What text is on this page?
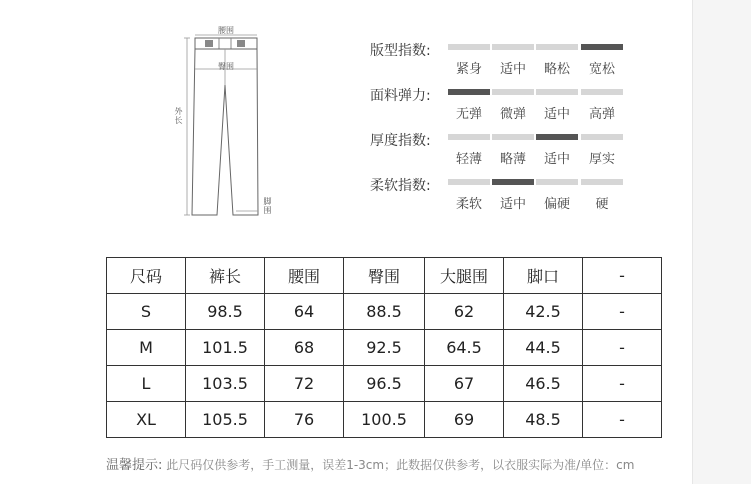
腰围
臀围
外长
脚围
版型指数:
紧身	适中	略松	宽松
面料弹力:
无弹	微弹	适中	高弹
厚度指数:
轻薄	略薄	适中	厚实
柔软指数:
柔软	适中	偏硬	硬
尺码	裤长	腰围	臀围	大腿围	脚口	-
S	98.5	64	88.5	62	42.5	-
M	101.5	68	92.5	64.5	44.5	-
L	103.5	72	96.5	67	46.5	-
XL	105.5	76	100.5	69	48.5	-
温馨提示: 此尺码仅供参考，手工测量，误差1-3cm；此数据仅供参考，以衣服实际为准/单位：cm
